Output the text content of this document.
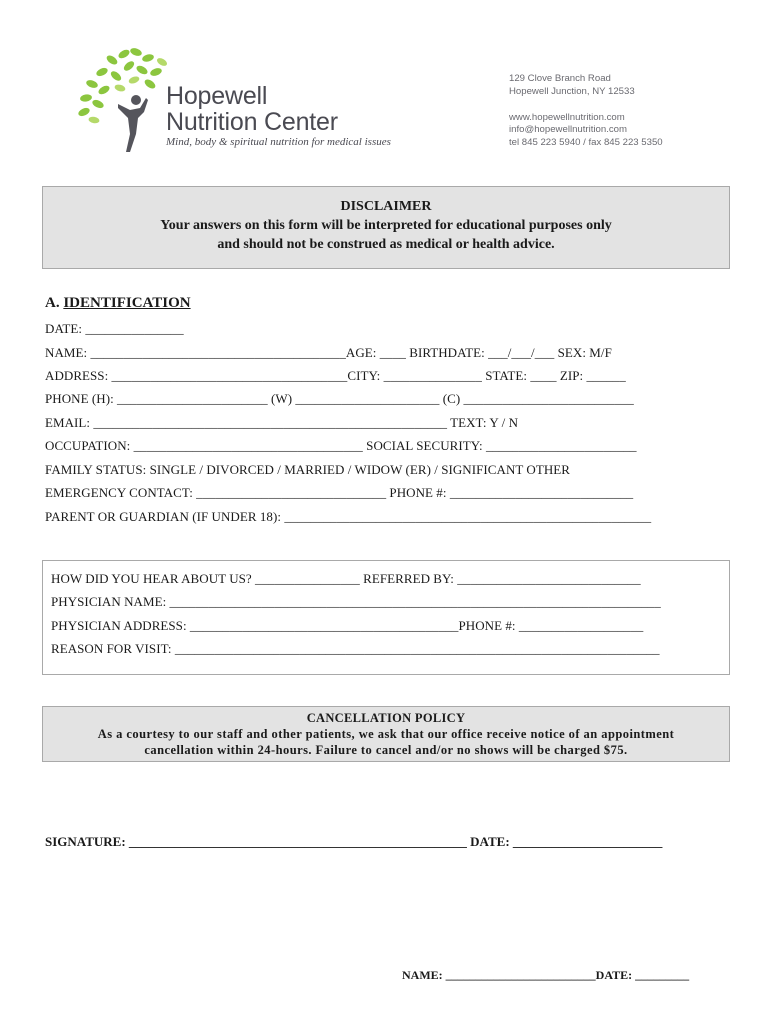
Hopewell
Nutrition Center
Mind, body & spiritual nutrition for medical issues
129 Clove Branch Road
Hopewell Junction, NY 12533
www.hopewellnutrition.com
info@hopewellnutrition.com
tel 845 223 5940 / fax 845 223 5350
DISCLAIMER
Your answers on this form will be interpreted for educational purposes only
and should not be construed as medical or health advice.
A. IDENTIFICATION
DATE: _______________
NAME: _______________________________________AGE: ____ BIRTHDATE: ___/___/___ SEX: M/F
ADDRESS: ____________________________________CITY: _______________ STATE: ____ ZIP: ______
PHONE (H): _______________________ (W) ______________________ (C) __________________________
EMAIL: ______________________________________________________ TEXT: Y / N
OCCUPATION: ___________________________________ SOCIAL SECURITY: _______________________
FAMILY STATUS: SINGLE / DIVORCED / MARRIED / WIDOW (ER) / SIGNIFICANT OTHER
EMERGENCY CONTACT: _____________________________ PHONE #: ____________________________
PARENT OR GUARDIAN (IF UNDER 18): ________________________________________________________
HOW DID YOU HEAR ABOUT US? ________________ REFERRED BY: ____________________________
PHYSICIAN NAME: ___________________________________________________________________________
PHYSICIAN ADDRESS: _________________________________________PHONE #: ___________________
REASON FOR VISIT: __________________________________________________________________________
CANCELLATION POLICY
As a courtesy to our staff and other patients, we ask that our office receive notice of an appointment
cancellation within 24-hours. Failure to cancel and/or no shows will be charged $75.
SIGNATURE: ____________________________________________________ DATE: _______________________
NAME: _________________________DATE: _________
